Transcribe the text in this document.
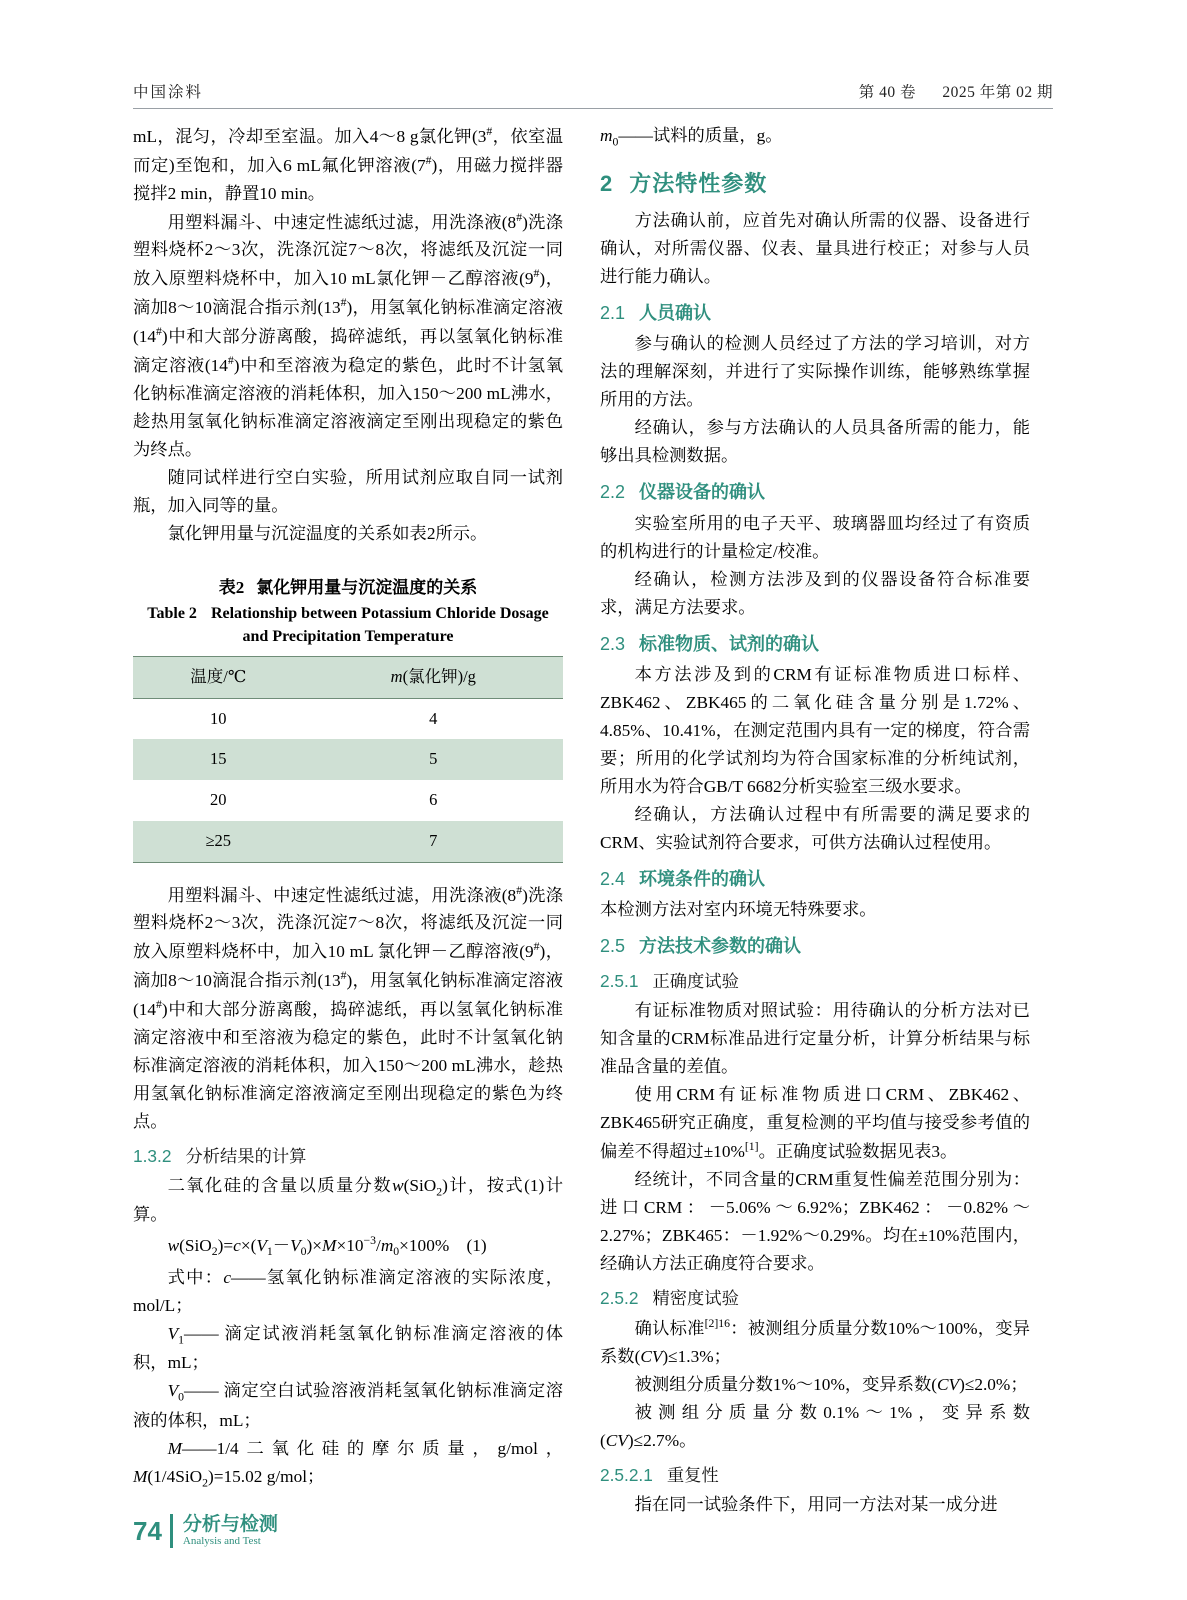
中国涂料	第 40 卷 2025 年第 02 期

mL，混匀，冷却至室温。加入4～8 g氯化钾(3#，依室温而定)至饱和，加入6 mL氟化钾溶液(7#)，用磁力搅拌器搅拌2 min，静置10 min。

用塑料漏斗、中速定性滤纸过滤，用洗涤液(8#)洗涤塑料烧杯2～3次，洗涤沉淀7～8次，将滤纸及沉淀一同放入原塑料烧杯中，加入10 mL氯化钾－乙醇溶液(9#)，滴加8～10滴混合指示剂(13#)，用氢氧化钠标准滴定溶液(14#)中和大部分游离酸，捣碎滤纸，再以氢氧化钠标准滴定溶液(14#)中和至溶液为稳定的紫色，此时不计氢氧化钠标准滴定溶液的消耗体积，加入150～200 mL沸水，趁热用氢氧化钠标准滴定溶液滴定至刚出现稳定的紫色为终点。

随同试样进行空白实验，所用试剂应取自同一试剂瓶，加入同等的量。

氯化钾用量与沉淀温度的关系如表2所示。

表2 氯化钾用量与沉淀温度的关系
Table 2 Relationship between Potassium Chloride Dosage
and Precipitation Temperature
温度/℃	m(氯化钾)/g
10	4
15	5
20	6
≥25	7

用塑料漏斗、中速定性滤纸过滤，用洗涤液(8#)洗涤塑料烧杯2～3次，洗涤沉淀7～8次，将滤纸及沉淀一同放入原塑料烧杯中，加入10 mL 氯化钾－乙醇溶液(9#)，滴加8～10滴混合指示剂(13#)，用氢氧化钠标准滴定溶液(14#)中和大部分游离酸，捣碎滤纸，再以氢氧化钠标准滴定溶液中和至溶液为稳定的紫色，此时不计氢氧化钠标准滴定溶液的消耗体积，加入150～200 mL沸水，趁热用氢氧化钠标准滴定溶液滴定至刚出现稳定的紫色为终点。

1.3.2 分析结果的计算

二氧化硅的含量以质量分数w(SiO$_2$)计，按式(1)计算。

$w(SiO_2)=c\times(V_1-V_0)\times M\times 10^{-3}/m_0\times 100\%$　(1)

式中：c——氢氧化钠标准滴定溶液的实际浓度，mol/L；

$V_1——$ 滴定试液消耗氢氧化钠标准滴定溶液的体积，mL；

$V_0——$ 滴定空白试验溶液消耗氢氧化钠标准滴定溶液的体积，mL；

M——1/4二氧化硅的摩尔质量，g/mol，M(1/4SiO$_2$)=15.02 g/mol；

$m_0——$试料的质量，g。

2 方法特性参数

方法确认前，应首先对确认所需的仪器、设备进行确认，对所需仪器、仪表、量具进行校正；对参与人员进行能力确认。

2.1 人员确认

参与确认的检测人员经过了方法的学习培训，对方法的理解深刻，并进行了实际操作训练，能够熟练掌握所用的方法。

经确认，参与方法确认的人员具备所需的能力，能够出具检测数据。

2.2 仪器设备的确认

实验室所用的电子天平、玻璃器皿均经过了有资质的机构进行的计量检定/校准。

经确认，检测方法涉及到的仪器设备符合标准要求，满足方法要求。

2.3 标准物质、试剂的确认

本方法涉及到的CRM有证标准物质进口标样、ZBK462、ZBK465的二氧化硅含量分别是1.72%、4.85%、10.41%，在测定范围内具有一定的梯度，符合需要；所用的化学试剂均为符合国家标准的分析纯试剂，所用水为符合GB/T 6682分析实验室三级水要求。

经确认，方法确认过程中有所需要的满足要求的CRM、实验试剂符合要求，可供方法确认过程使用。

2.4 环境条件的确认

本检测方法对室内环境无特殊要求。

2.5 方法技术参数的确认
2.5.1 正确度试验

有证标准物质对照试验：用待确认的分析方法对已知含量的CRM标准品进行定量分析，计算分析结果与标准品含量的差值。

使用CRM有证标准物质进口CRM、ZBK462、ZBK465研究正确度，重复检测的平均值与接受参考值的偏差不得超过±10%[1]。正确度试验数据见表3。

经统计，不同含量的CRM重复性偏差范围分别为：进口CRM：－5.06%～6.92%；ZBK462：－0.82%～2.27%；ZBK465：－1.92%～0.29%。均在±10%范围内，经确认方法正确度符合要求。

2.5.2 精密度试验

确认标准$^{[2]16}$：被测组分质量分数10%～100%，变异系数(CV)≤1.3%；

被测组分质量分数1%～10%，变异系数(CV)≤2.0%；

被测组分质量分数0.1%～1%，变异系数(CV)≤2.7%。

2.5.2.1 重复性

指在同一试验条件下，用同一方法对某一成分进

74 分析与检测
Analysis and Test
